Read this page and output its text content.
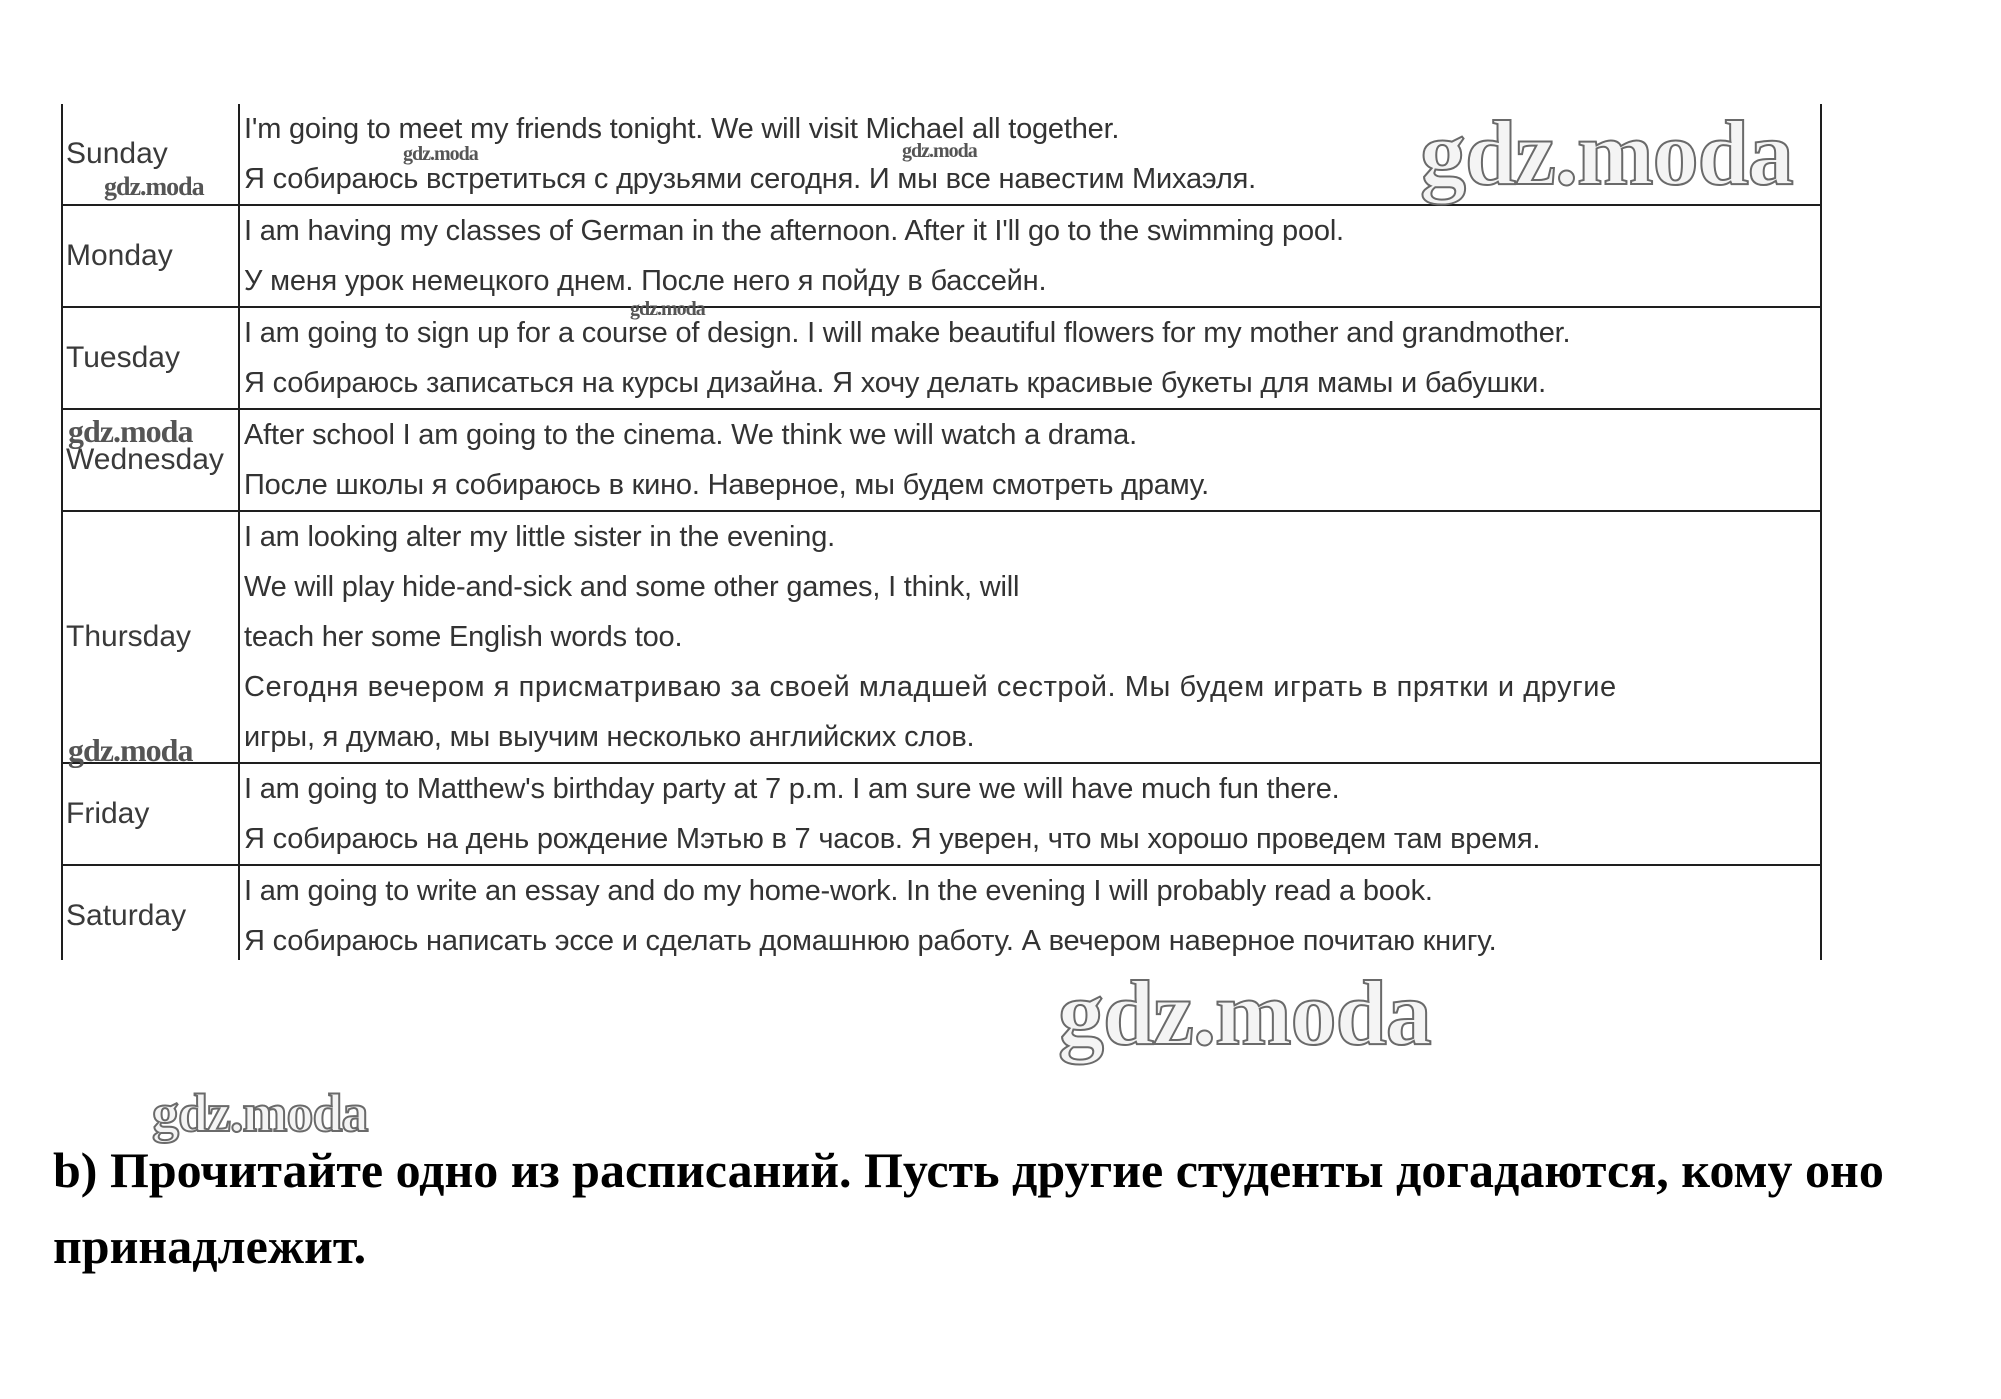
Sunday	I'm going to meet my friends tonight. We will visit Michael all together.
Я собираюсь встретиться с друзьями сегодня. И мы все навестим Михаэля.

Monday	I am having my classes of German in the afternoon. After it I'll go to the swimming pool.
У меня урок немецкого днем. После него я пойду в бассейн.

Tuesday	I am going to sign up for a course of design. I will make beautiful flowers for my mother and grandmother.
Я собираюсь записаться на курсы дизайна. Я хочу делать красивые букеты для мамы и бабушки.

Wednesday	After school I am going to the cinema. We think we will watch a drama.
После школы я собираюсь в кино. Наверное, мы будем смотреть драму.

Thursday	I am looking alter my little sister in the evening.
We will play hide-and-sick and some other games, I think, will
teach her some English words too.
Сегодня вечером я присматриваю за своей младшей сестрой. Мы будем играть в прятки и другие
игры, я думаю, мы выучим несколько английских слов.

Friday	I am going to Matthew's birthday party at 7 p.m. I am sure we will have much fun there.
Я собираюсь на день рождение Мэтью в 7 часов. Я уверен, что мы хорошо проведем там время.

Saturday	I am going to write an essay and do my home-work. In the evening I will probably read a book.
Я собираюсь написать эссе и сделать домашнюю работу. А вечером наверное почитаю книгу.
b) Прочитайте одно из расписаний. Пусть другие студенты догадаются, кому оно принадлежит.
gdz.moda
gdz.moda
gdz.moda
gdz.moda
gdz.moda	gdz.moda
gdz.moda
gdz.moda
gdz.moda
